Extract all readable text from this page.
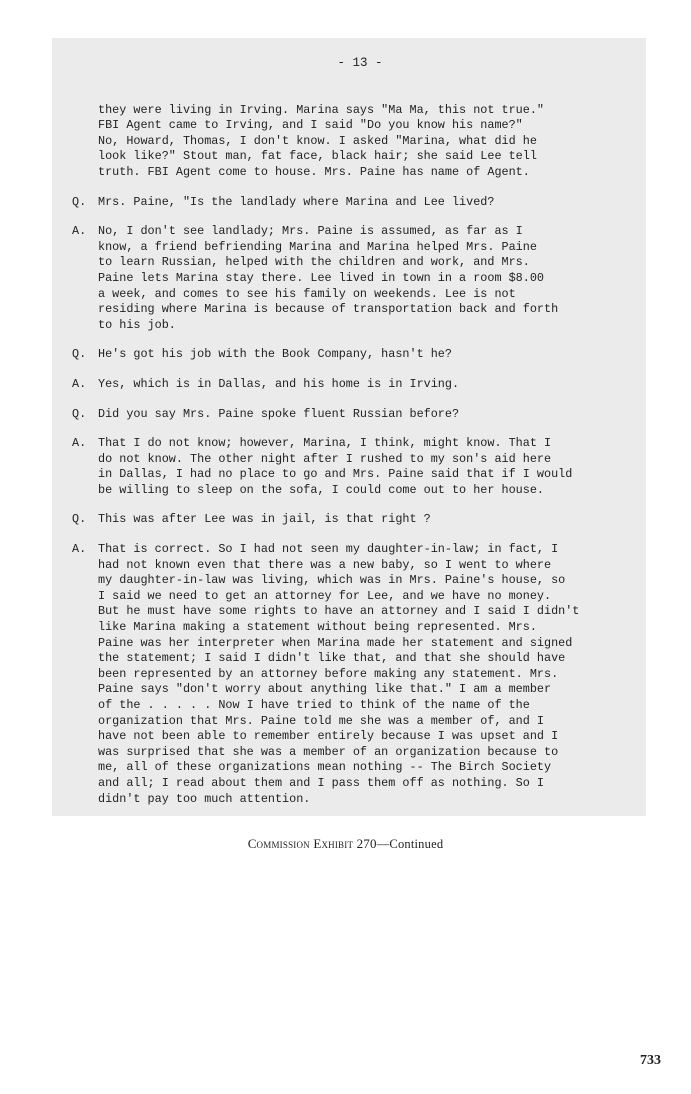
- 13 -
they were living in Irving. Marina says "Ma Ma, this not true."
FBI Agent came to Irving, and I said "Do you know his name?"
No, Howard, Thomas, I don't know. I asked "Marina, what did he
look like?" Stout man, fat face, black hair; she said Lee tell
truth. FBI Agent come to house. Mrs. Paine has name of Agent.
Q.	Mrs. Paine, "Is the landlady where Marina and Lee lived?
A.	No, I don't see landlady; Mrs. Paine is assumed, as far as I
know, a friend befriending Marina and Marina helped Mrs. Paine
to learn Russian, helped with the children and work, and Mrs.
Paine lets Marina stay there. Lee lived in town in a room $8.00
a week, and comes to see his family on weekends. Lee is not
residing where Marina is because of transportation back and forth
to his job.
Q.	He's got his job with the Book Company, hasn't he?
A.	Yes, which is in Dallas, and his home is in Irving.
Q.	Did you say Mrs. Paine spoke fluent Russian before?
A.	That I do not know; however, Marina, I think, might know. That I
do not know. The other night after I rushed to my son's aid here
in Dallas, I had no place to go and Mrs. Paine said that if I would
be willing to sleep on the sofa, I could come out to her house.
Q.	This was after Lee was in jail, is that right ?
A.	That is correct. So I had not seen my daughter-in-law; in fact, I
had not known even that there was a new baby, so I went to where
my daughter-in-law was living, which was in Mrs. Paine's house, so
I said we need to get an attorney for Lee, and we have no money.
But he must have some rights to have an attorney and I said I didn't
like Marina making a statement without being represented. Mrs.
Paine was her interpreter when Marina made her statement and signed
the statement; I said I didn't like that, and that she should have
been represented by an attorney before making any statement. Mrs.
Paine says "don't worry about anything like that." I am a member
of the . . . . . Now I have tried to think of the name of the
organization that Mrs. Paine told me she was a member of, and I
have not been able to remember entirely because I was upset and I
was surprised that she was a member of an organization because to
me, all of these organizations mean nothing -- The Birch Society
and all; I read about them and I pass them off as nothing. So I
didn't pay too much attention.
Commission Exhibit 270—Continued
733
